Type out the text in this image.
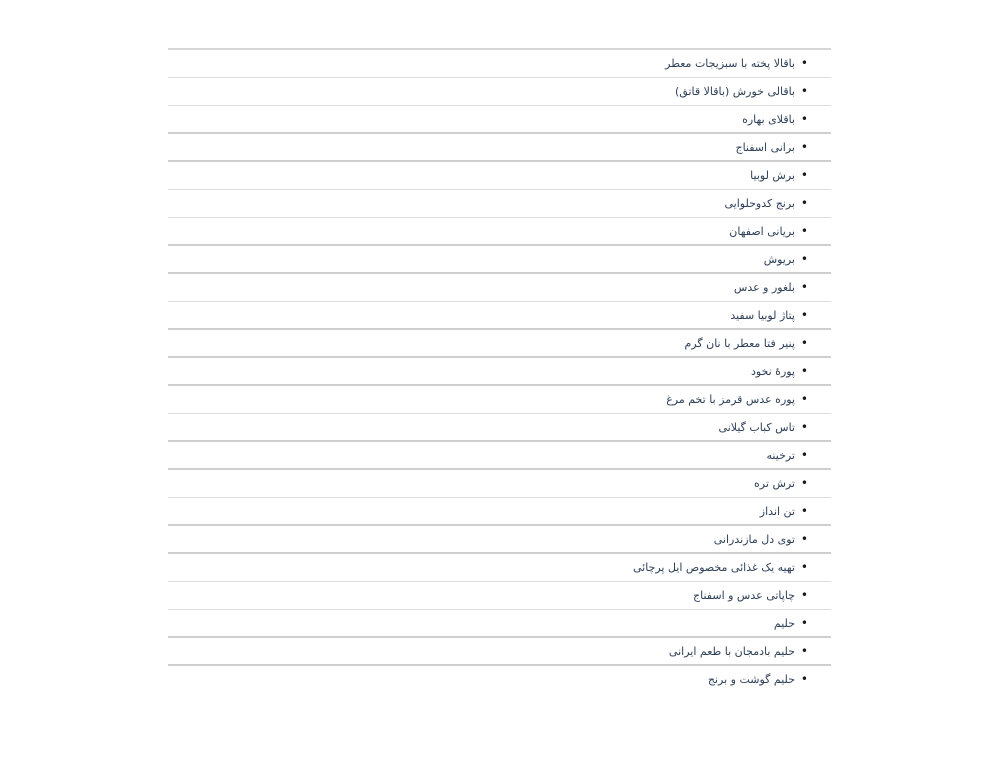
•
باقالا پخته با سبزیجات معطر
•
باقالی خورش (باقالا قاتق)
•
باقلای بهاره
•
برانی اسفناج
•
برش لوبیا
•
برنج کدوحلوایی
•
بریانی اصفهان
•
بریوش
•
بلغور و عدس
•
پتاژ لوبیا سفید
•
پنیر فتا معطر با نان گرم
•
پورهٔ نخود
•
پوره عدس قرمز با تخم مرغ
•
تاس کباب گیلانی
•
ترخینه
•
ترش تره
•
تن انداز
•
توی دل مازندرانی
•
تهیه یک غذائی مخصوص ایل پرچائی
•
چاپاتی عدس و اسفناج
•
حلیم
•
حلیم بادمجان با طعم ایرانی
•
حلیم گوشت و برنج
